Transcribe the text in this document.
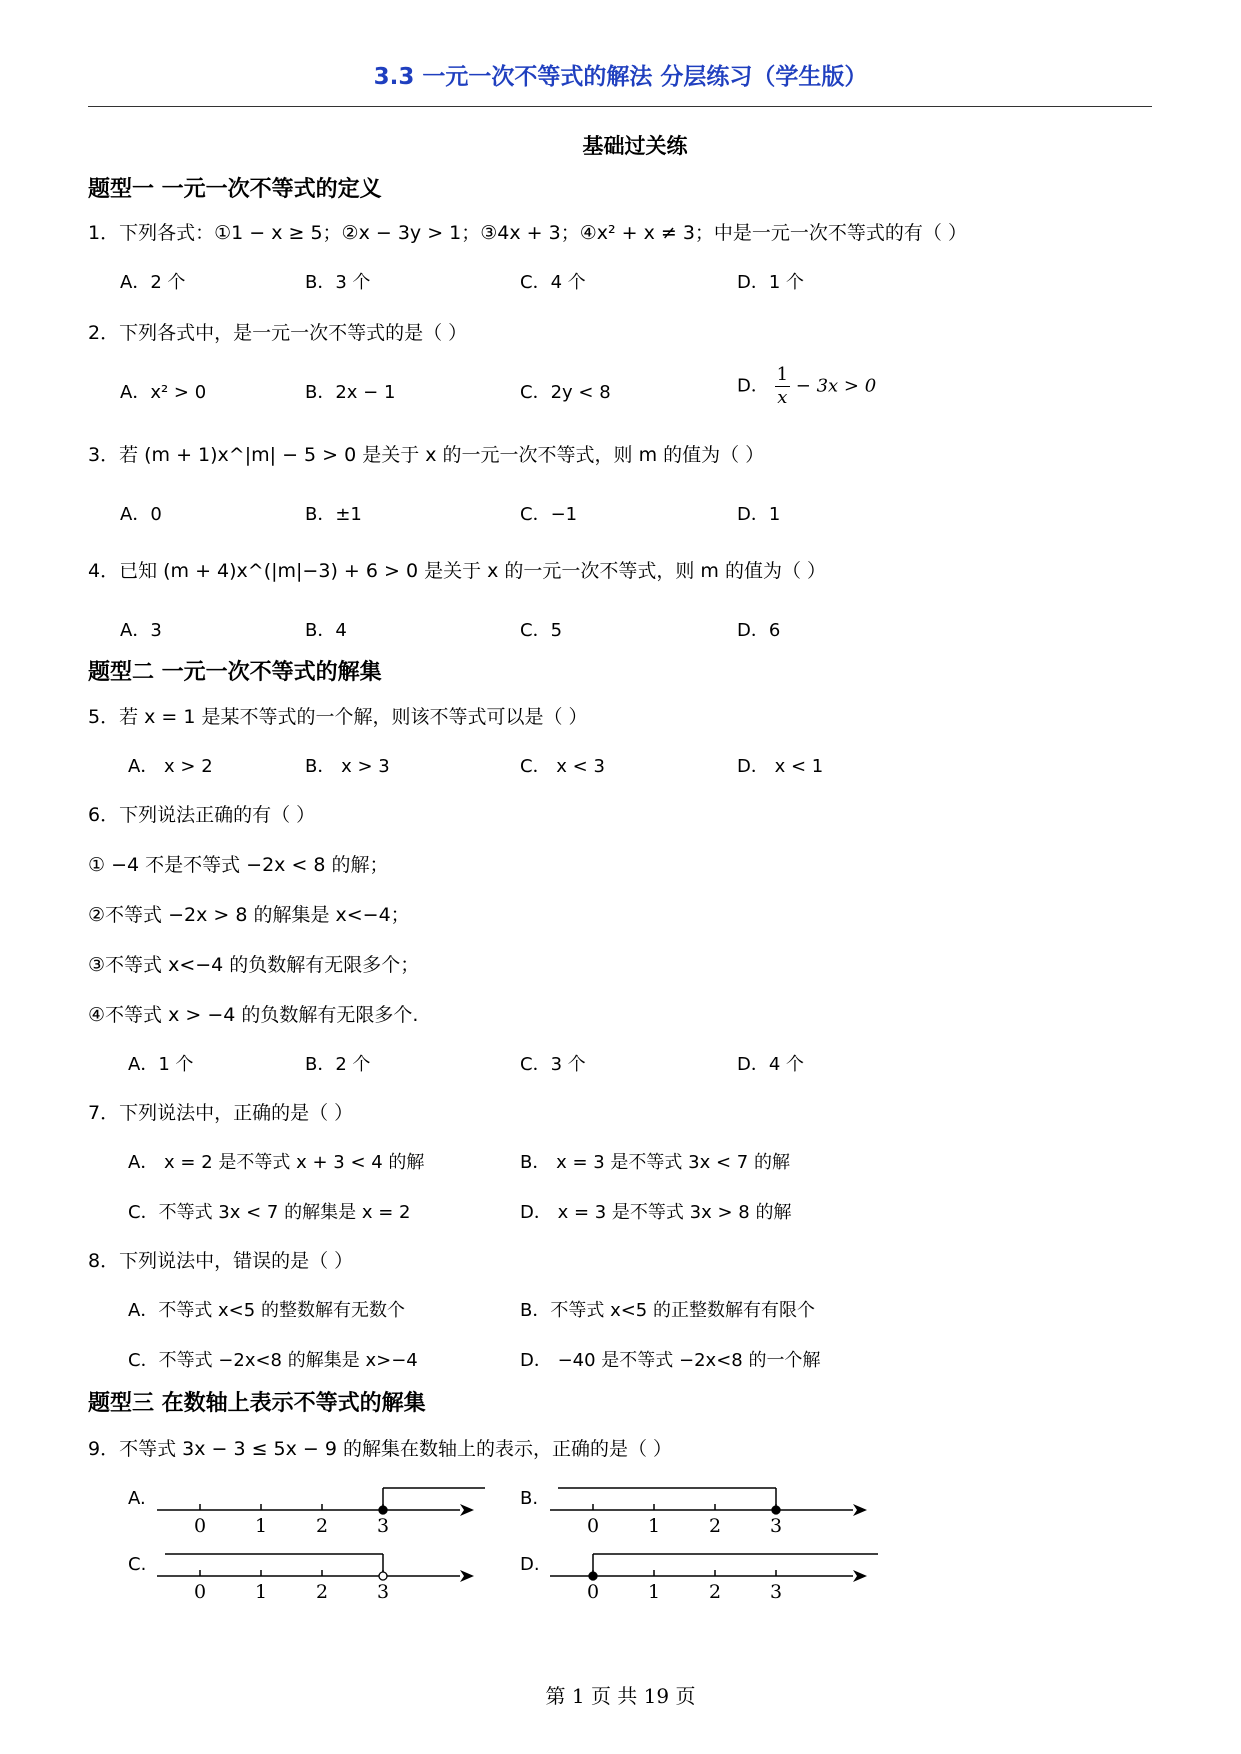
3.3 一元一次不等式的解法 分层练习（学生版）
基础过关练
题型一 一元一次不等式的定义
1．下列各式：①1 − x ≥ 5；②x − 3y > 1；③4x + 3；④x² + x ≠ 3；中是一元一次不等式的有（ ）
A．2 个	B．3 个	C．4 个	D．1 个
2．下列各式中，是一元一次不等式的是（ ）
A．x² > 0	B．2x − 1	C．2y < 8	D． $\frac{1}{x} - 3x > 0$
3．若 (m + 1)x^|m| − 5 > 0 是关于 x 的一元一次不等式，则 m 的值为（ ）
A．0	B．±1	C．−1	D．1
4．已知 (m + 4)x^(|m|−3) + 6 > 0 是关于 x 的一元一次不等式，则 m 的值为（ ）
A．3	B．4	C．5	D．6
题型二 一元一次不等式的解集
5．若 x = 1 是某不等式的一个解，则该不等式可以是（ ）
A． x > 2	B． x > 3	C． x < 3	D． x < 1
6．下列说法正确的有（ ）
① −4 不是不等式 −2x < 8 的解；
②不等式 −2x > 8 的解集是 x<−4；
③不等式 x<−4 的负数解有无限多个；
④不等式 x > −4 的负数解有无限多个.
A．1 个	B．2 个	C．3 个	D．4 个
7．下列说法中，正确的是（ ）
A． x = 2 是不等式 x + 3 < 4 的解	B． x = 3 是不等式 3x < 7 的解
C．不等式 3x < 7 的解集是 x = 2	D． x = 3 是不等式 3x > 8 的解
8．下列说法中，错误的是（ ）
A．不等式 x<5 的整数解有无数个	B．不等式 x<5 的正整数解有有限个
C．不等式 −2x<8 的解集是 x>−4	D． −40 是不等式 −2x<8 的一个解
题型三 在数轴上表示不等式的解集
9．不等式 3x − 3 ≤ 5x − 9 的解集在数轴上的表示，正确的是（ ）
A.	B.
C.	D.
0	1	2	3	0	1	2	3
0	1	2	3	0	1	2	3
第 1 页 共 19 页
